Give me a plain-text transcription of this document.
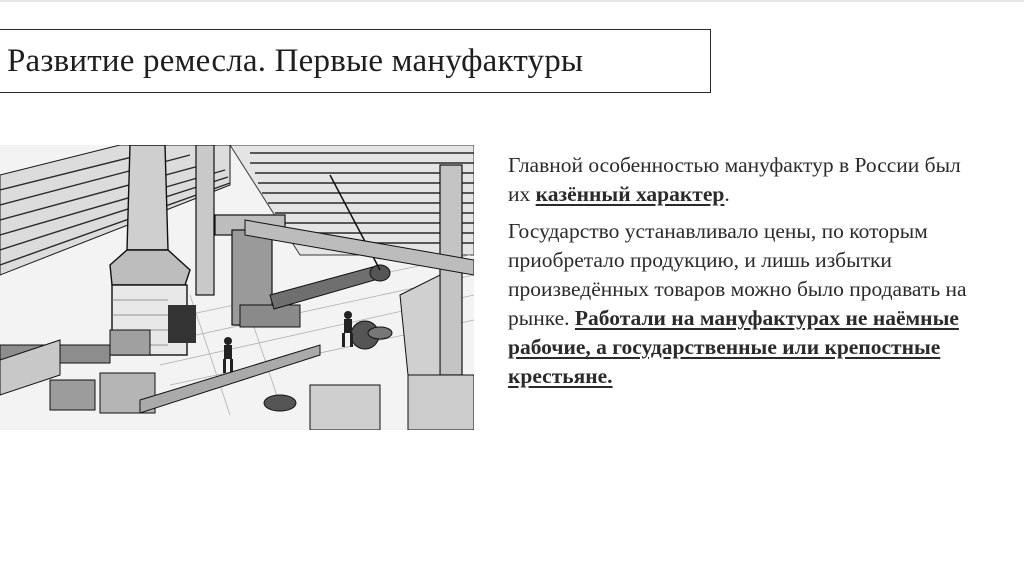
Развитие ремесла. Первые мануфактуры

Главной особенностью мануфактур в России был их казённый характер.

Государство устанавливало цены, по которым приобретало продукцию, и лишь избытки произведённых товаров можно было продавать на рынке. Работали на мануфактурах не наёмные рабочие, а государственные или крепостные крестьяне.
